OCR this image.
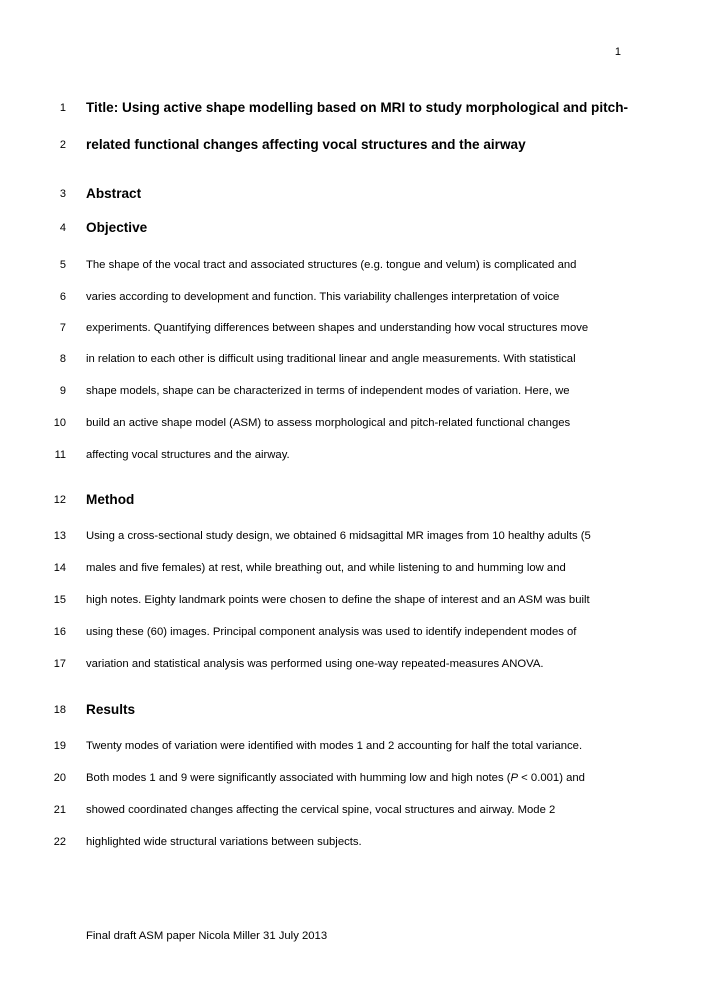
1
1 Title: Using active shape modelling based on MRI to study morphological and pitch-
2 related functional changes affecting vocal structures and the airway
3 Abstract
4 Objective
5 The shape of the vocal tract and associated structures (e.g. tongue and velum) is complicated and
6 varies according to development and function. This variability challenges interpretation of voice
7 experiments. Quantifying differences between shapes and understanding how vocal structures move
8 in relation to each other is difficult using traditional linear and angle measurements. With statistical
9 shape models, shape can be characterized in terms of independent modes of variation. Here, we
10 build an active shape model (ASM) to assess morphological and pitch-related functional changes
11 affecting vocal structures and the airway.
12 Method
13 Using a cross-sectional study design, we obtained 6 midsagittal MR images from 10 healthy adults (5
14 males and five females) at rest, while breathing out, and while listening to and humming low and
15 high notes. Eighty landmark points were chosen to define the shape of interest and an ASM was built
16 using these (60) images. Principal component analysis was used to identify independent modes of
17 variation and statistical analysis was performed using one-way repeated-measures ANOVA.
18 Results
19 Twenty modes of variation were identified with modes 1 and 2 accounting for half the total variance.
20 Both modes 1 and 9 were significantly associated with humming low and high notes (P < 0.001) and
21 showed coordinated changes affecting the cervical spine, vocal structures and airway. Mode 2
22 highlighted wide structural variations between subjects.
Final draft ASM paper Nicola Miller 31 July 2013
